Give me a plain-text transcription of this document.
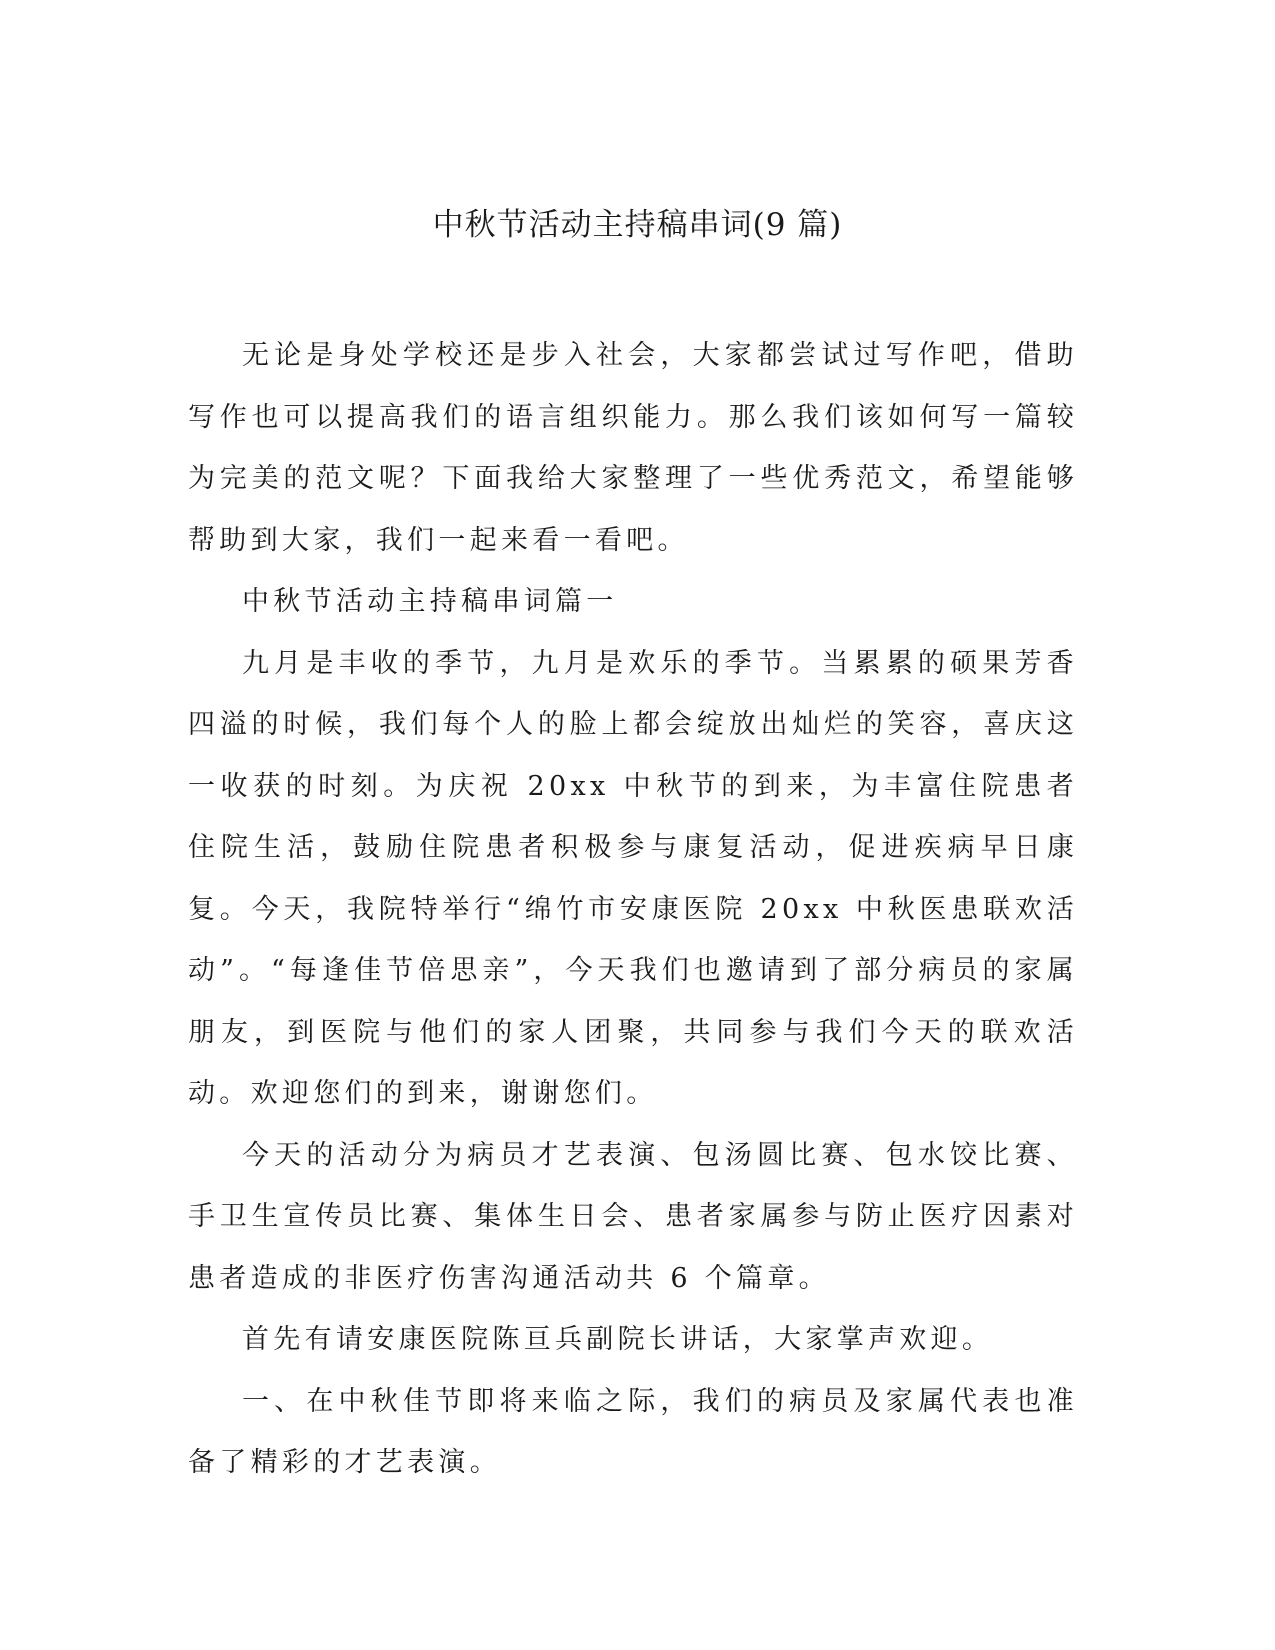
中秋节活动主持稿串词(9 篇)

无论是身处学校还是步入社会，大家都尝试过写作吧，借助写作也可以提高我们的语言组织能力。那么我们该如何写一篇较为完美的范文呢？下面我给大家整理了一些优秀范文，希望能够帮助到大家，我们一起来看一看吧。

中秋节活动主持稿串词篇一

九月是丰收的季节，九月是欢乐的季节。当累累的硕果芳香四溢的时候，我们每个人的脸上都会绽放出灿烂的笑容，喜庆这一收获的时刻。为庆祝 20xx 中秋节的到来，为丰富住院患者住院生活，鼓励住院患者积极参与康复活动，促进疾病早日康复。今天，我院特举行“绵竹市安康医院 20xx 中秋医患联欢活动”。“每逢佳节倍思亲”，今天我们也邀请到了部分病员的家属朋友，到医院与他们的家人团聚，共同参与我们今天的联欢活动。欢迎您们的到来，谢谢您们。

今天的活动分为病员才艺表演、包汤圆比赛、包水饺比赛、手卫生宣传员比赛、集体生日会、患者家属参与防止医疗因素对患者造成的非医疗伤害沟通活动共 6 个篇章。

首先有请安康医院陈亘兵副院长讲话，大家掌声欢迎。

一、在中秋佳节即将来临之际，我们的病员及家属代表也准备了精彩的才艺表演。
